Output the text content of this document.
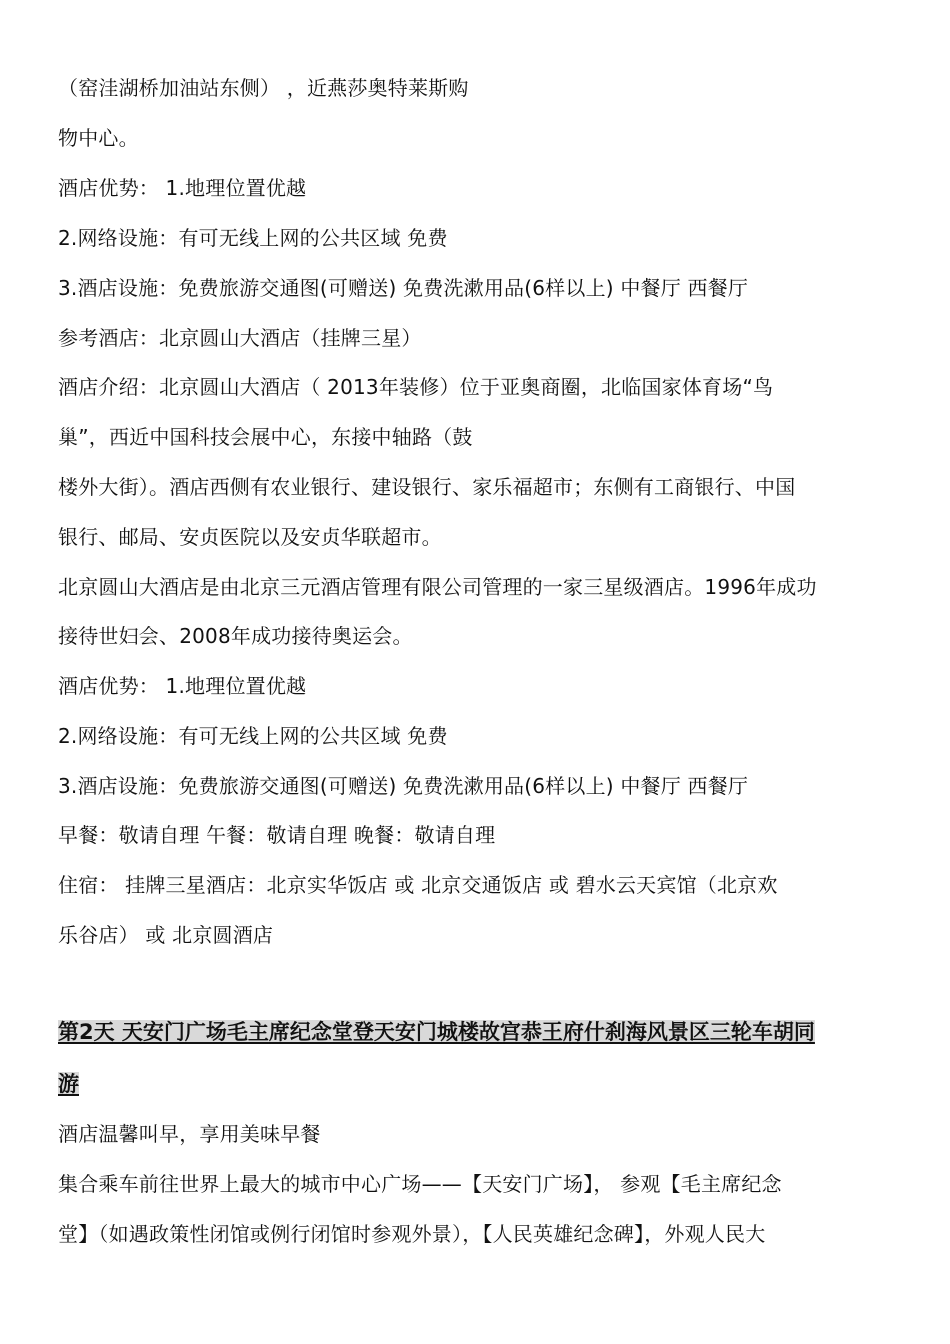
（窑洼湖桥加油站东侧） ，近燕莎奥特莱斯购
物中心。
酒店优势： 1.地理位置优越
2.网络设施：有可无线上网的公共区域 免费
3.酒店设施：免费旅游交通图(可赠送) 免费洗漱用品(6样以上) 中餐厅 西餐厅
参考酒店：北京圆山大酒店（挂牌三星）
酒店介绍：北京圆山大酒店（ 2013年装修）位于亚奥商圈，北临国家体育场“鸟
巢”，西近中国科技会展中心，东接中轴路（鼓
楼外大街）。酒店西侧有农业银行、建设银行、家乐福超市；东侧有工商银行、中国
银行、邮局、安贞医院以及安贞华联超市。
北京圆山大酒店是由北京三元酒店管理有限公司管理的一家三星级酒店。1996年成功
接待世妇会、2008年成功接待奥运会。
酒店优势： 1.地理位置优越
2.网络设施：有可无线上网的公共区域 免费
3.酒店设施：免费旅游交通图(可赠送) 免费洗漱用品(6样以上) 中餐厅 西餐厅
早餐：敬请自理 午餐：敬请自理 晚餐：敬请自理
住宿： 挂牌三星酒店：北京实华饭店 或 北京交通饭店 或 碧水云天宾馆（北京欢
乐谷店） 或 北京圆酒店
第2天 天安门广场毛主席纪念堂登天安门城楼故宫恭王府什刹海风景区三轮车胡同
游
酒店温馨叫早，享用美味早餐
集合乘车前往世界上最大的城市中心广场——【天安门广场】， 参观【毛主席纪念
堂】（如遇政策性闭馆或例行闭馆时参观外景），【人民英雄纪念碑】，外观人民大
